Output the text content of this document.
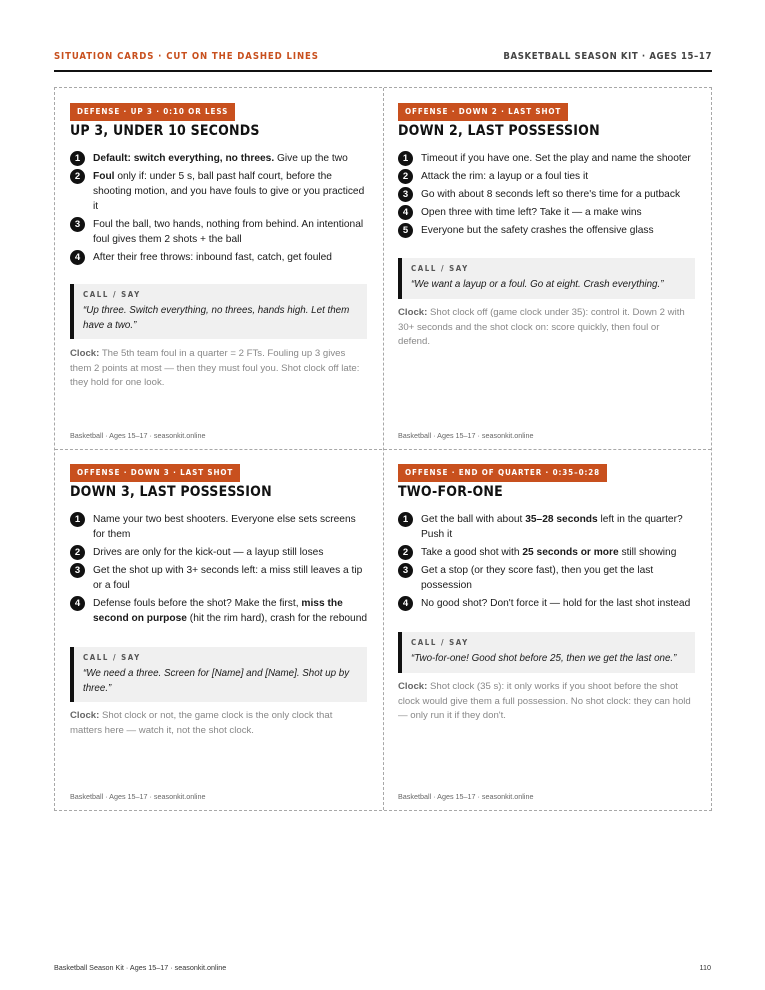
SITUATION CARDS · CUT ON THE DASHED LINES	BASKETBALL SEASON KIT · AGES 15–17
DEFENSE · UP 3 · 0:10 OR LESS
UP 3, UNDER 10 SECONDS
1	Default: switch everything, no threes. Give up the two
2	Foul only if: under 5 s, ball past half court, before the shooting motion, and you have fouls to give or you practiced it
3	Foul the ball, two hands, nothing from behind. An intentional foul gives them 2 shots + the ball
4	After their free throws: inbound fast, catch, get fouled
CALL / SAY
“Up three. Switch everything, no threes, hands high. Let them have a two.”
Clock: The 5th team foul in a quarter = 2 FTs. Fouling up 3 gives them 2 points at most — then they must foul you. Shot clock off late: they hold for one look.
Basketball · Ages 15–17 · seasonkit.online
OFFENSE · DOWN 2 · LAST SHOT
DOWN 2, LAST POSSESSION
1	Timeout if you have one. Set the play and name the shooter
2	Attack the rim: a layup or a foul ties it
3	Go with about 8 seconds left so there's time for a putback
4	Open three with time left? Take it — a make wins
5	Everyone but the safety crashes the offensive glass
CALL / SAY
“We want a layup or a foul. Go at eight. Crash everything.”
Clock: Shot clock off (game clock under 35): control it. Down 2 with 30+ seconds and the shot clock on: score quickly, then foul or defend.
Basketball · Ages 15–17 · seasonkit.online
OFFENSE · DOWN 3 · LAST SHOT
DOWN 3, LAST POSSESSION
1	Name your two best shooters. Everyone else sets screens for them
2	Drives are only for the kick-out — a layup still loses
3	Get the shot up with 3+ seconds left: a miss still leaves a tip or a foul
4	Defense fouls before the shot? Make the first, miss the second on purpose (hit the rim hard), crash for the rebound
CALL / SAY
“We need a three. Screen for [Name] and [Name]. Shot up by three.”
Clock: Shot clock or not, the game clock is the only clock that matters here — watch it, not the shot clock.
Basketball · Ages 15–17 · seasonkit.online
OFFENSE · END OF QUARTER · 0:35–0:28
TWO-FOR-ONE
1	Get the ball with about 35–28 seconds left in the quarter? Push it
2	Take a good shot with 25 seconds or more still showing
3	Get a stop (or they score fast), then you get the last possession
4	No good shot? Don't force it — hold for the last shot instead
CALL / SAY
“Two-for-one! Good shot before 25, then we get the last one.”
Clock: Shot clock (35 s): it only works if you shoot before the shot clock would give them a full possession. No shot clock: they can hold — only run it if they don't.
Basketball · Ages 15–17 · seasonkit.online
Basketball Season Kit · Ages 15–17 · seasonkit.online	110
